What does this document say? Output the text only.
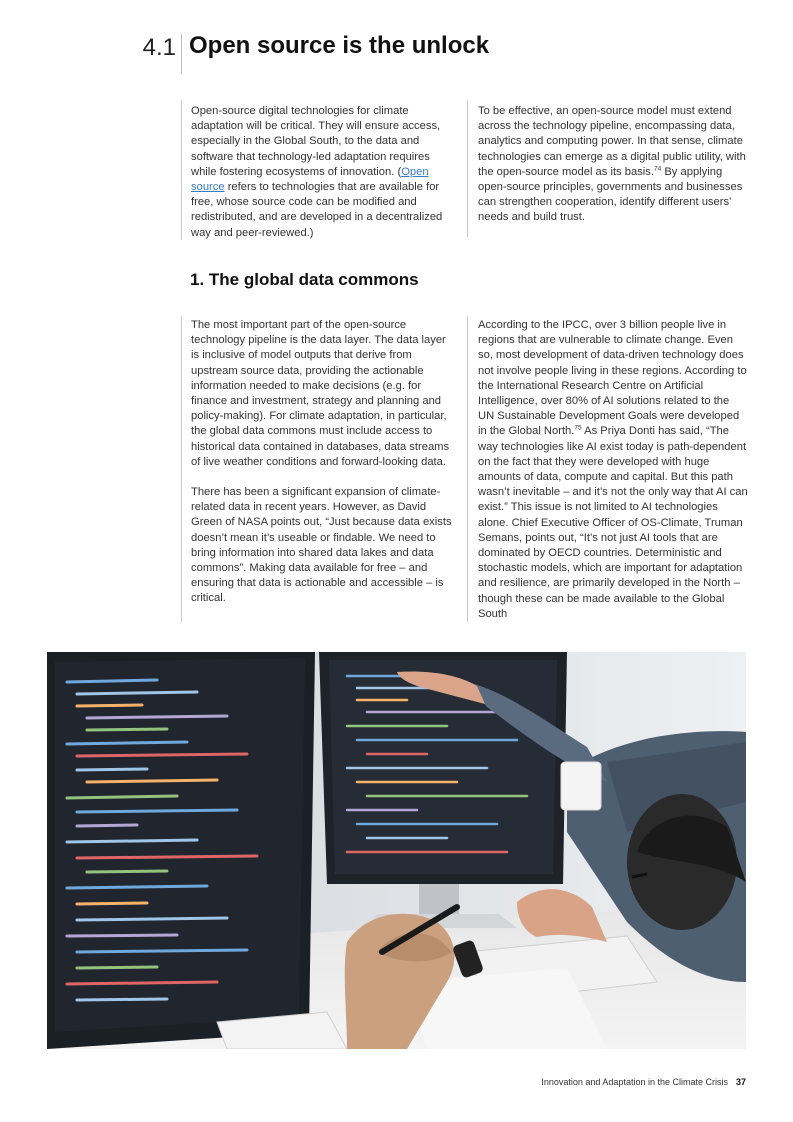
4.1 Open source is the unlock
Open-source digital technologies for climate adaptation will be critical. They will ensure access, especially in the Global South, to the data and software that technology-led adaptation requires while fostering ecosystems of innovation. (Open source refers to technologies that are available for free, whose source code can be modified and redistributed, and are developed in a decentralized way and peer-reviewed.)
To be effective, an open-source model must extend across the technology pipeline, encompassing data, analytics and computing power. In that sense, climate technologies can emerge as a digital public utility, with the open-source model as its basis.$^{74}$ By applying open-source principles, governments and businesses can strengthen cooperation, identify different users’ needs and build trust.
1. The global data commons

The most important part of the open-source technology pipeline is the data layer. The data layer is inclusive of model outputs that derive from upstream source data, providing the actionable information needed to make decisions (e.g. for finance and investment, strategy and planning and policy-making). For climate adaptation, in particular, the global data commons must include access to historical data contained in databases, data streams of live weather conditions and forward-looking data.

There has been a significant expansion of climate-related data in recent years. However, as David Green of NASA points out, “Just because data exists doesn’t mean it’s useable or findable. We need to bring information into shared data lakes and data commons”. Making data available for free – and ensuring that data is actionable and accessible – is critical.

According to the IPCC, over 3 billion people live in regions that are vulnerable to climate change. Even so, most development of data-driven technology does not involve people living in these regions. According to the International Research Centre on Artificial Intelligence, over 80% of AI solutions related to the UN Sustainable Development Goals were developed in the Global North.$^{75}$ As Priya Donti has said, “The way technologies like AI exist today is path-dependent on the fact that they were developed with huge amounts of data, compute and capital. But this path wasn’t inevitable – and it’s not the only way that AI can exist.” This issue is not limited to AI technologies alone. Chief Executive Officer of OS-Climate, Truman Semans, points out, “It’s not just AI tools that are dominated by OECD countries. Deterministic and stochastic models, which are important for adaptation and resilience, are primarily developed in the North – though these can be made available to the Global South
Innovation and Adaptation in the Climate Crisis 37
